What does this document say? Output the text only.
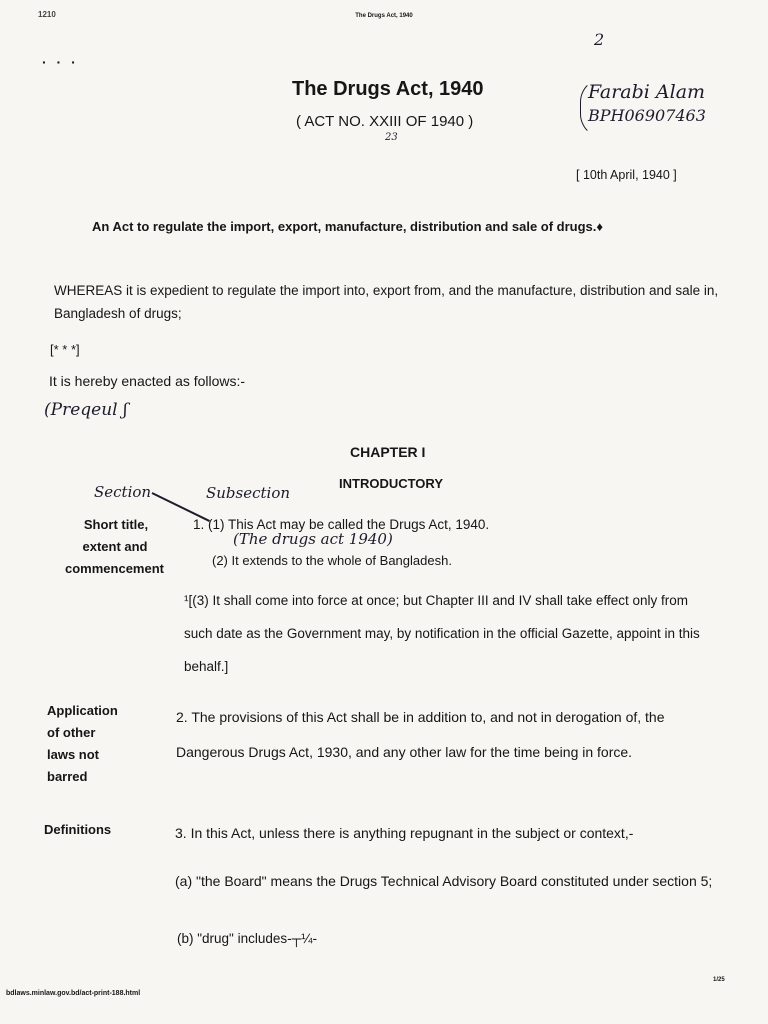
The Drugs Act, 1940
1210
· · ·
2
The Drugs Act, 1940
( ACT NO. XXIII OF 1940 )
23
Farabi Alam
BPH06907463
[ 10th April, 1940 ]
An Act to regulate the import, export, manufacture, distribution and sale of drugs.♦
WHEREAS it is expedient to regulate the import into, export from, and the manufacture, distribution and sale in, Bangladesh of drugs;
[* * *]
It is hereby enacted as follows:-
(Preqeul ʃ
CHAPTER I
INTRODUCTORY
Section	Subsection
Short title,
extent and
commencement
1. (1) This Act may be called the Drugs Act, 1940.
(The drugs act 1940)
(2) It extends to the whole of Bangladesh.
¹[(3) It shall come into force at once; but Chapter III and IV shall take effect only from such date as the Government may, by notification in the official Gazette, appoint in this behalf.]
Application
of other
laws not
barred
2. The provisions of this Act shall be in addition to, and not in derogation of, the Dangerous Drugs Act, 1930, and any other law for the time being in force.
Definitions	3. In this Act, unless there is anything repugnant in the subject or context,-
(a) "the Board" means the Drugs Technical Advisory Board constituted under section 5;
(b) "drug" includes-┬¼-
bdlaws.minlaw.gov.bd/act-print-188.html
1/25
